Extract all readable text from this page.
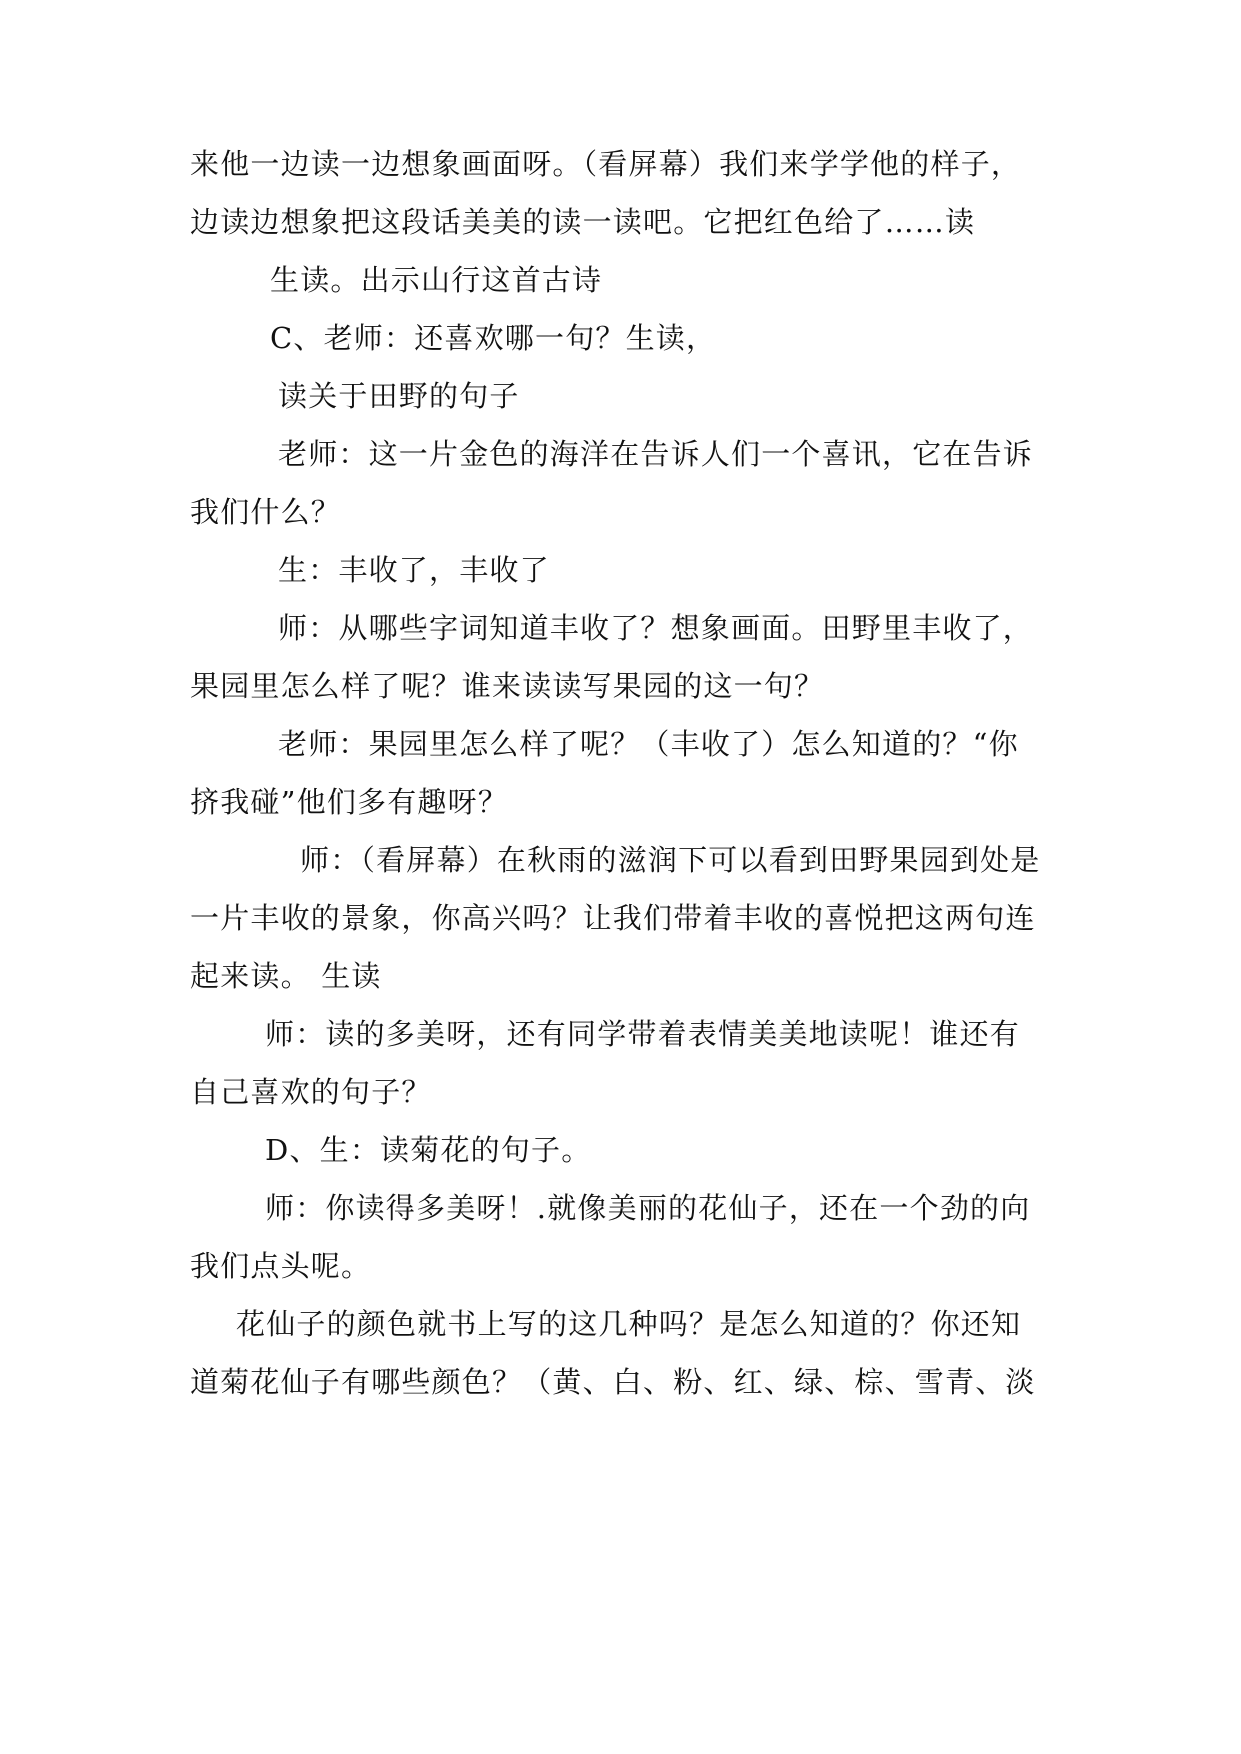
来他一边读一边想象画面呀。（看屏幕）我们来学学他的样子，
边读边想象把这段话美美的读一读吧。它把红色给了……读
生读。出示山行这首古诗
C、老师：还喜欢哪一句？生读，
读关于田野的句子
老师：这一片金色的海洋在告诉人们一个喜讯，它在告诉
我们什么？
生：丰收了，丰收了
师：从哪些字词知道丰收了？想象画面。田野里丰收了，
果园里怎么样了呢？谁来读读写果园的这一句？
老师：果园里怎么样了呢？（丰收了）怎么知道的？“你
挤我碰”他们多有趣呀？
师：（看屏幕）在秋雨的滋润下可以看到田野果园到处是
一片丰收的景象，你高兴吗？让我们带着丰收的喜悦把这两句连
起来读。 生读
师：读的多美呀，还有同学带着表情美美地读呢！谁还有
自己喜欢的句子？
D、生：读菊花的句子。
师：你读得多美呀！.就像美丽的花仙子，还在一个劲的向
我们点头呢。
花仙子的颜色就书上写的这几种吗？是怎么知道的？你还知
道菊花仙子有哪些颜色？（黄、白、粉、红、绿、棕、雪青、淡
